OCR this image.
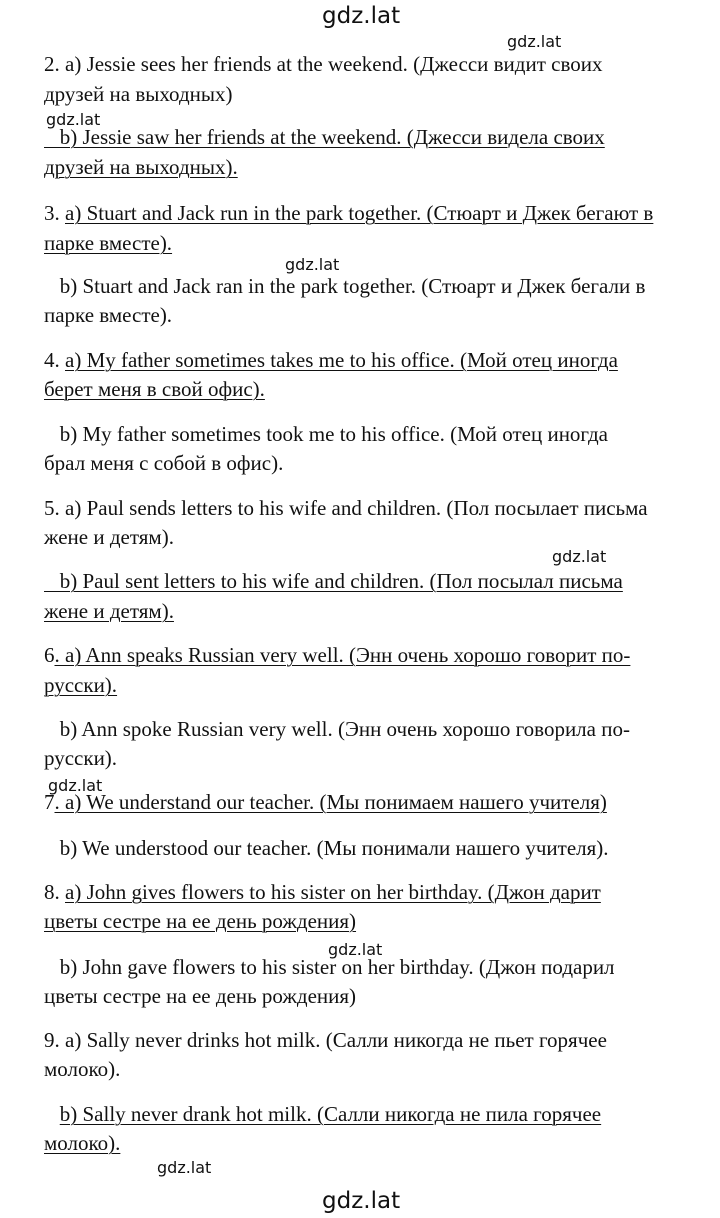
gdz.lat
gdz.lat
gdz.lat
gdz.lat
gdz.lat
gdz.lat
gdz.lat
gdz.lat
2. a) Jessie sees her friends at the weekend. (Джесси видит своих
друзей на выходных)
b) Jessie saw her friends at the weekend. (Джесси видела своих
друзей на выходных).
3. a) Stuart and Jack run in the park together. (Стюарт и Джек бегают в
парке вместе).
b) Stuart and Jack ran in the park together. (Стюарт и Джек бегали в
парке вместе).
4. a) My father sometimes takes me to his office. (Мой отец иногда
берет меня в свой офис).
b) My father sometimes took me to his office. (Мой отец иногда
брал меня с собой в офис).
5. a) Paul sends letters to his wife and children. (Пол посылает письма
жене и детям).
b) Paul sent letters to his wife and children. (Пол посылал письма
жене и детям).
6. a) Ann speaks Russian very well. (Энн очень хорошо говорит по-
русски).
b) Ann spoke Russian very well. (Энн очень хорошо говорила по-
русски).
7. a) We understand our teacher. (Мы понимаем нашего учителя)
b) We understood our teacher. (Мы понимали нашего учителя).
8. a) John gives flowers to his sister on her birthday. (Джон дарит
цветы сестре на ее день рождения)
b) John gave flowers to his sister on her birthday. (Джон подарил
цветы сестре на ее день рождения)
9. a) Sally never drinks hot milk. (Салли никогда не пьет горячее
молоко).
b) Sally never drank hot milk. (Салли никогда не пила горячее
молоко).
gdz.lat
